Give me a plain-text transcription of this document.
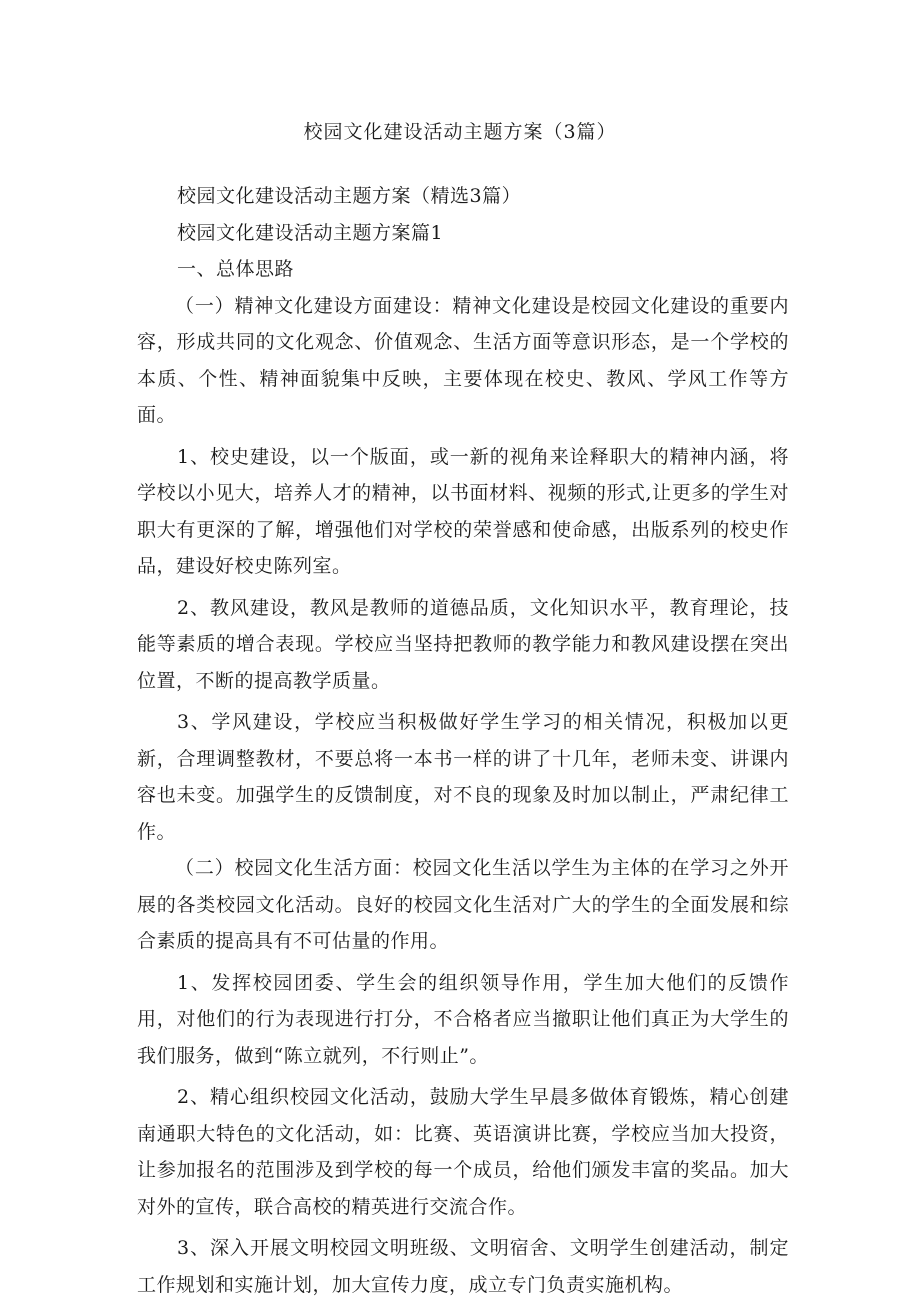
校园文化建设活动主题方案（3篇）

校园文化建设活动主题方案（精选3篇）

校园文化建设活动主题方案篇1

一、总体思路

（一）精神文化建设方面建设：精神文化建设是校园文化建设的重要内容，形成共同的文化观念、价值观念、生活方面等意识形态，是一个学校的本质、个性、精神面貌集中反映，主要体现在校史、教风、学风工作等方面。

1、校史建设，以一个版面，或一新的视角来诠释职大的精神内涵，将学校以小见大，培养人才的精神，以书面材料、视频的形式,让更多的学生对职大有更深的了解，增强他们对学校的荣誉感和使命感，出版系列的校史作品，建设好校史陈列室。

2、教风建设，教风是教师的道德品质，文化知识水平，教育理论，技能等素质的增合表现。学校应当坚持把教师的教学能力和教风建设摆在突出位置，不断的提高教学质量。

3、学风建设，学校应当积极做好学生学习的相关情况，积极加以更新，合理调整教材，不要总将一本书一样的讲了十几年，老师未变、讲课内容也未变。加强学生的反馈制度，对不良的现象及时加以制止，严肃纪律工作。

（二）校园文化生活方面：校园文化生活以学生为主体的在学习之外开展的各类校园文化活动。良好的校园文化生活对广大的学生的全面发展和综合素质的提高具有不可估量的作用。

1、发挥校园团委、学生会的组织领导作用，学生加大他们的反馈作用，对他们的行为表现进行打分，不合格者应当撤职让他们真正为大学生的我们服务，做到“陈立就列，不行则止”。

2、精心组织校园文化活动，鼓励大学生早晨多做体育锻炼，精心创建南通职大特色的文化活动，如：比赛、英语演讲比赛，学校应当加大投资，让参加报名的范围涉及到学校的每一个成员，给他们颁发丰富的奖品。加大对外的宣传，联合高校的精英进行交流合作。

3、深入开展文明校园文明班级、文明宿舍、文明学生创建活动，制定工作规划和实施计划，加大宣传力度，成立专门负责实施机构。
